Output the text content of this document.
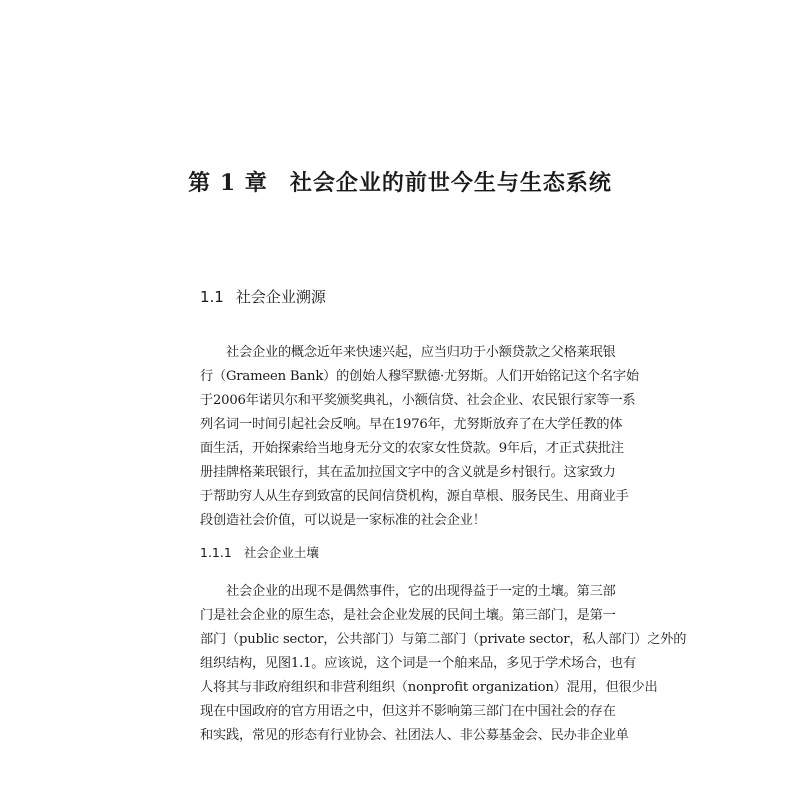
第 1 章 社会企业的前世今生与生态系统
1.1 社会企业溯源
社会企业的概念近年来快速兴起，应当归功于小额贷款之父格莱珉银
行（Grameen Bank）的创始人穆罕默德·尤努斯。人们开始铭记这个名字始
于2006年诺贝尔和平奖颁奖典礼，小额信贷、社会企业、农民银行家等一系
列名词一时间引起社会反响。早在1976年，尤努斯放弃了在大学任教的体
面生活，开始探索给当地身无分文的农家女性贷款。9年后，才正式获批注
册挂牌格莱珉银行，其在孟加拉国文字中的含义就是乡村银行。这家致力
于帮助穷人从生存到致富的民间信贷机构，源自草根、服务民生、用商业手
段创造社会价值，可以说是一家标准的社会企业！
1.1.1 社会企业土壤
社会企业的出现不是偶然事件，它的出现得益于一定的土壤。第三部
门是社会企业的原生态，是社会企业发展的民间土壤。第三部门，是第一
部门（public sector，公共部门）与第二部门（private sector，私人部门）之外的
组织结构，见图1.1。应该说，这个词是一个舶来品，多见于学术场合，也有
人将其与非政府组织和非营利组织（nonprofit organization）混用，但很少出
现在中国政府的官方用语之中，但这并不影响第三部门在中国社会的存在
和实践，常见的形态有行业协会、社团法人、非公募基金会、民办非企业单
